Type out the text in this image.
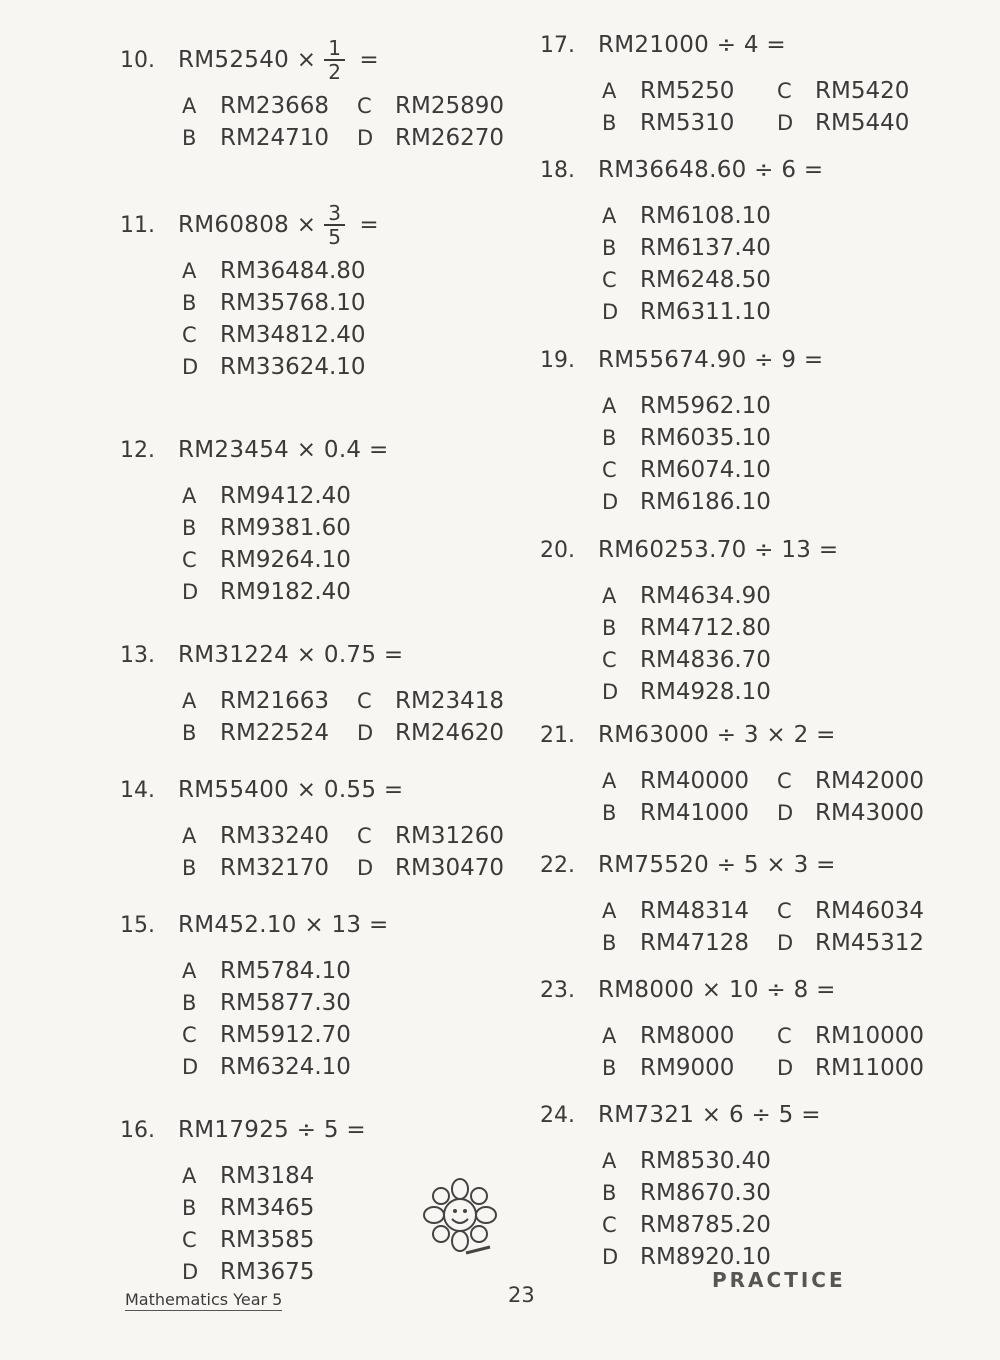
10.	$RM52540 \times \frac{1}{2}$ =
A	RM23668 C	RM25890
B	RM24710 D RM26270
11.	$RM60808 \times \frac{3}{5}$ =
A	RM36484.80
B	RM35768.10
C	RM34812.40
D RM33624.10
12.	RM23454 × 0.4 =
A	RM9412.40
B	RM9381.60
C	RM9264.10
D RM9182.40
13.	RM31224 × 0.75 =
A	RM21663 C	RM23418
B	RM22524 D RM24620
14.	RM55400 × 0.55 =
A	RM33240 C	RM31260
B	RM32170 D RM30470
15.	RM452.10 × 13 =
A	RM5784.10
B	RM5877.30
C	RM5912.70
D RM6324.10
16.	RM17925 ÷ 5 =
A	RM3184
B	RM3465
C	RM3585
D RM3675
17.	RM21000 ÷ 4 =
A	RM5250 C	RM5420
B	RM5310 D RM5440
18.	RM36648.60 ÷ 6 =
A	RM6108.10
B	RM6137.40
C	RM6248.50
D RM6311.10
19.	RM55674.90 ÷ 9 =
A	RM5962.10
B	RM6035.10
C	RM6074.10
D RM6186.10
20.	RM60253.70 ÷ 13 =
A	RM4634.90
B	RM4712.80
C	RM4836.70
D RM4928.10
21.	RM63000 ÷ 3 × 2 =
A	RM40000 C	RM42000
B	RM41000 D RM43000
22.	RM75520 ÷ 5 × 3 =
A	RM48314 C	RM46034
B	RM47128 D RM45312
23.	RM8000 × 10 ÷ 8 =
A	RM8000 C	RM10000
B	RM9000 D RM11000
24.	RM7321 × 6 ÷ 5 =
A	RM8530.40
B	RM8670.30
C	RM8785.20
D RM8920.10
Mathematics Year 5	23
PRACTICE
